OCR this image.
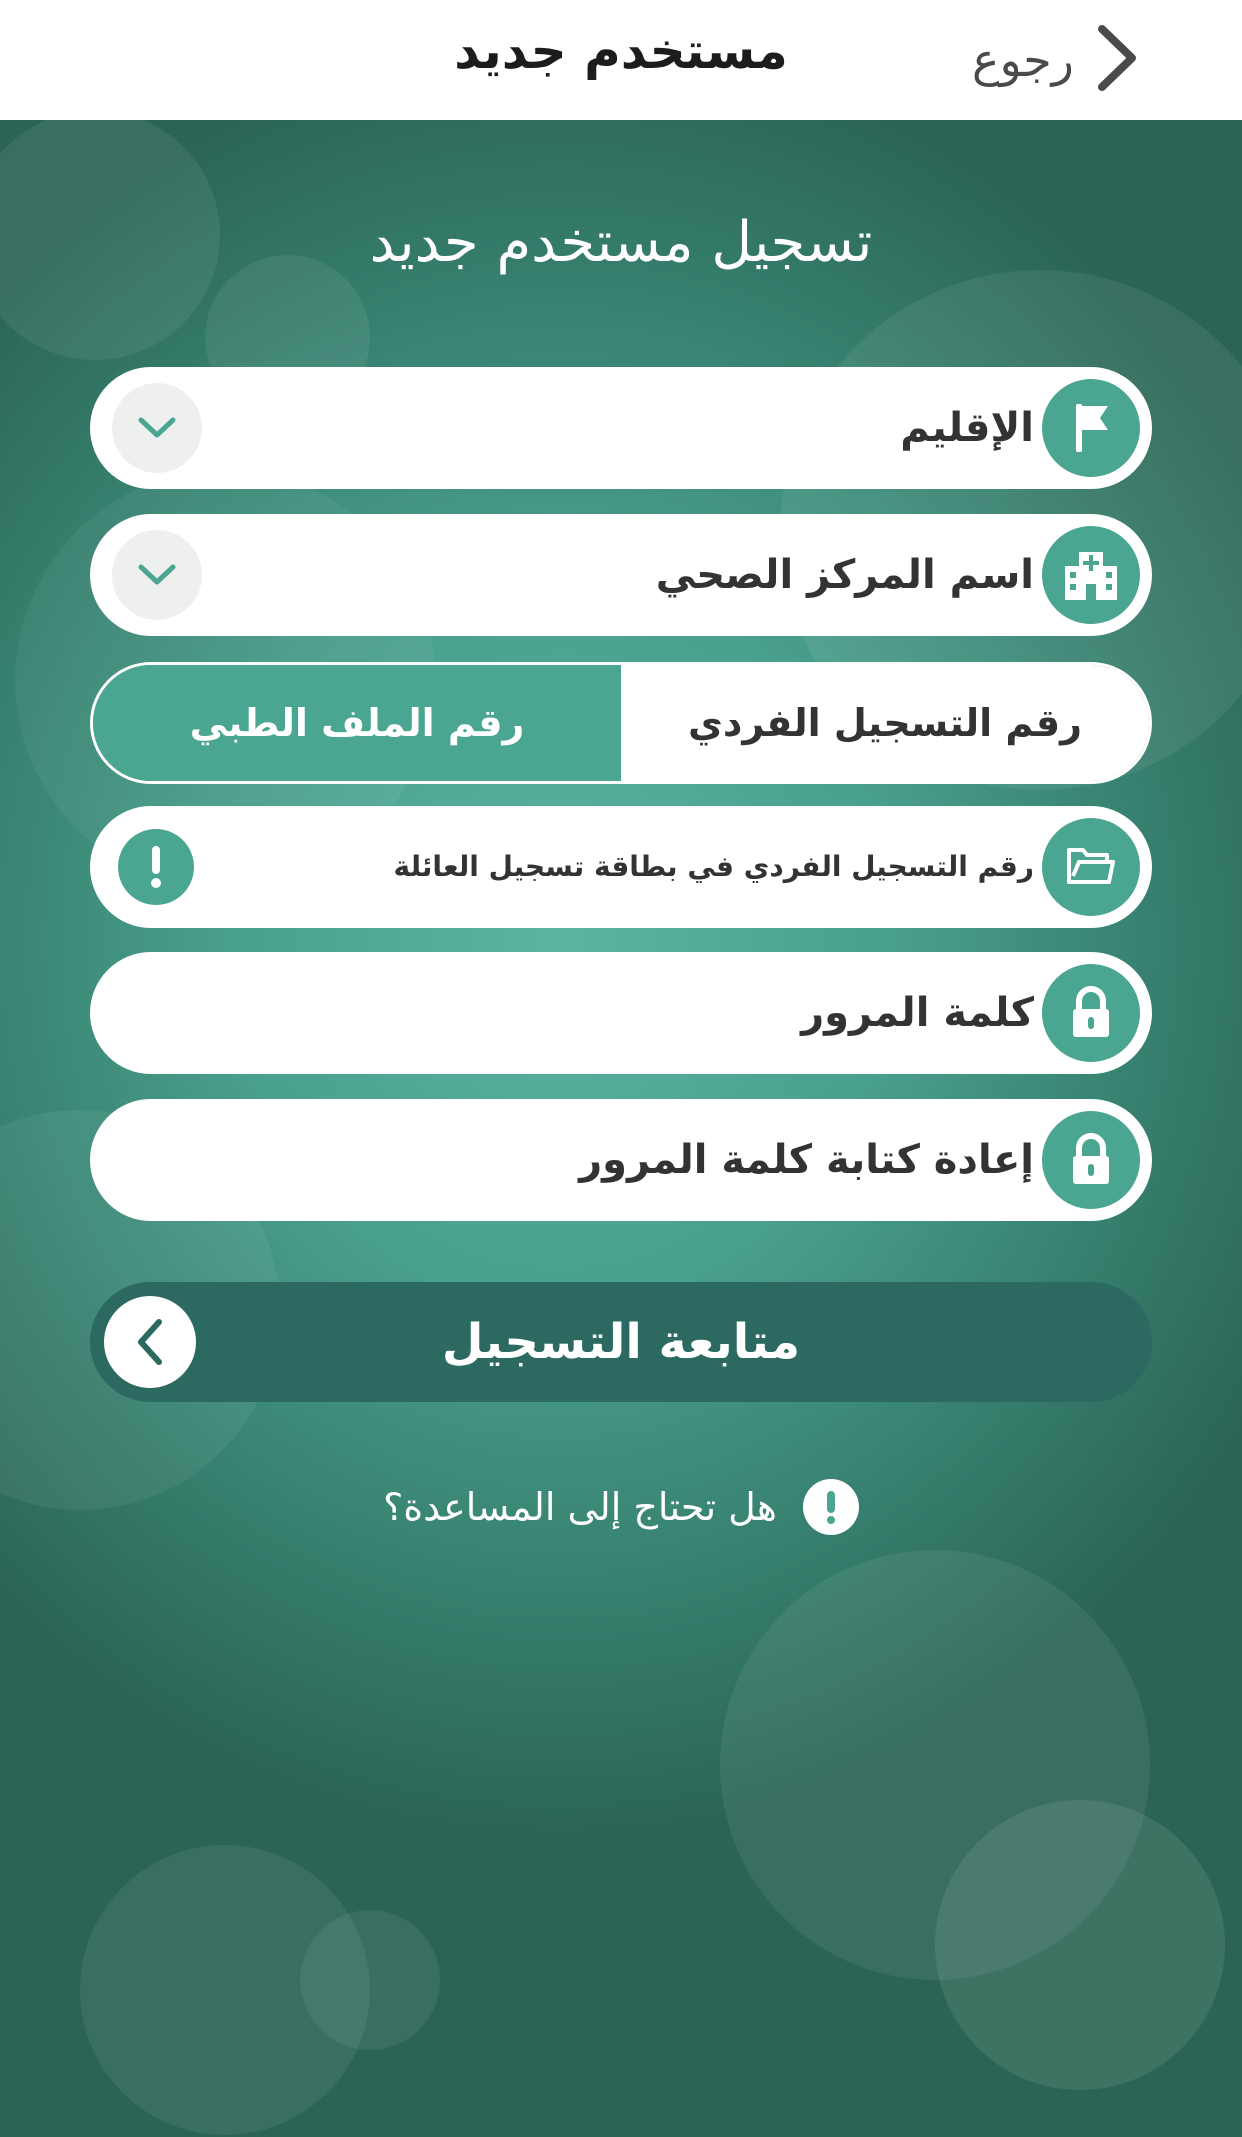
مستخدم جديد	رجوع
تسجيل مستخدم جديد
الإقليم
اسم المركز الصحي
رقم التسجيل الفردي
رقم الملف الطبي
رقم التسجيل الفردي في بطاقة تسجيل العائلة
كلمة المرور
إعادة كتابة كلمة المرور
متابعة التسجيل
هل تحتاج إلى المساعدة؟
